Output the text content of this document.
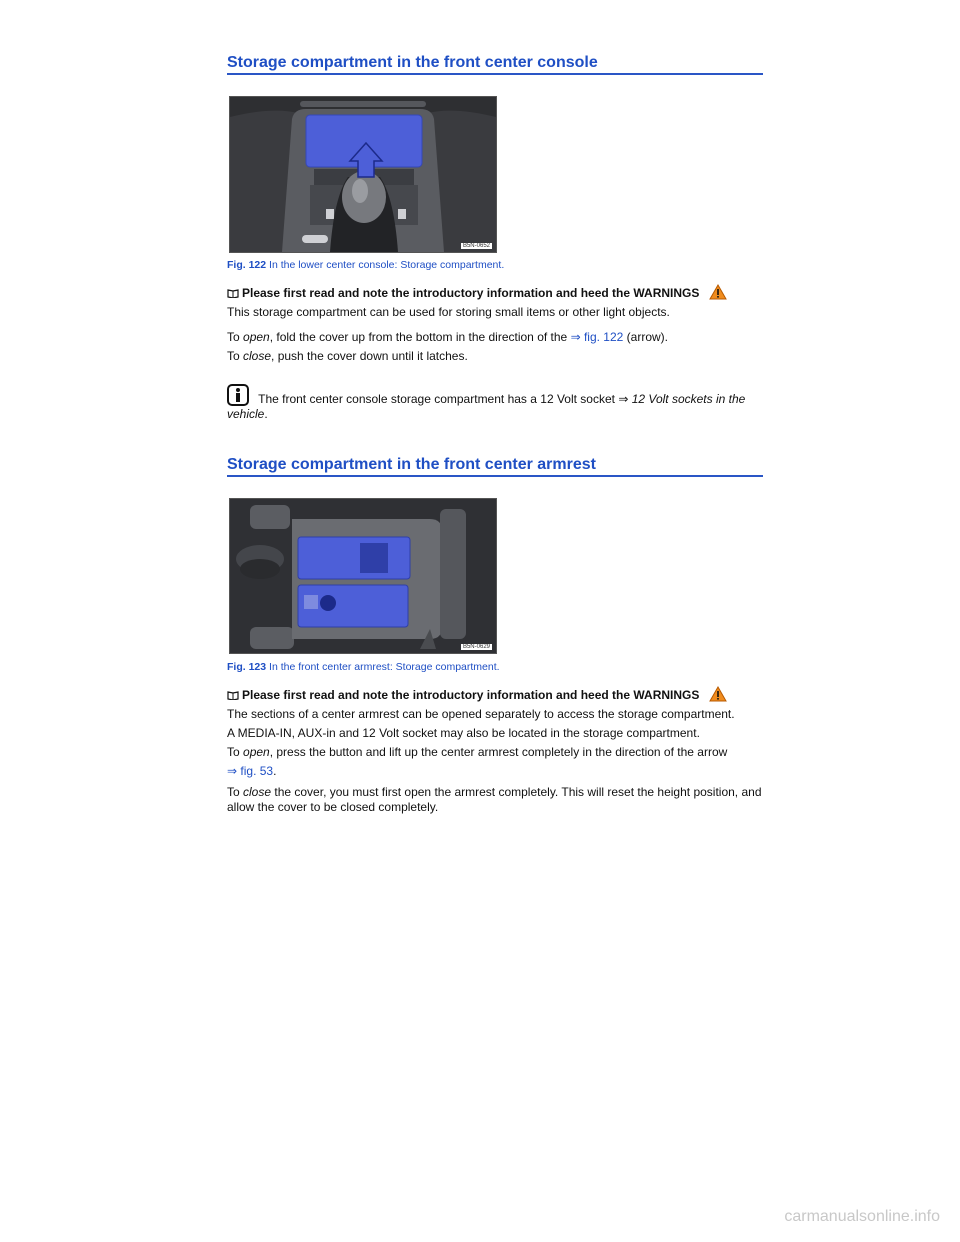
Storage compartment in the front center console
B5N-0652
Fig. 122 In the lower center console: Storage compartment.
Please first read and note the introductory information and heed the WARNINGS
This storage compartment can be used for storing small items or other light objects.
To open, fold the cover up from the bottom in the direction of the ⇒ fig. 122 (arrow).
To close, push the cover down until it latches.
The front center console storage compartment has a 12 Volt socket ⇒ 12 Volt sockets in the vehicle.
Storage compartment in the front center armrest
B5N-0629
Fig. 123 In the front center armrest: Storage compartment.
Please first read and note the introductory information and heed the WARNINGS
The sections of a center armrest can be opened separately to access the storage compartment.
A MEDIA-IN, AUX-in and 12 Volt socket may also be located in the storage compartment.
To open, press the button and lift up the center armrest completely in the direction of the arrow
⇒ fig. 53.
To close the cover, you must first open the armrest completely. This will reset the height position, and allow the cover to be closed completely.
carmanualsonline.info
